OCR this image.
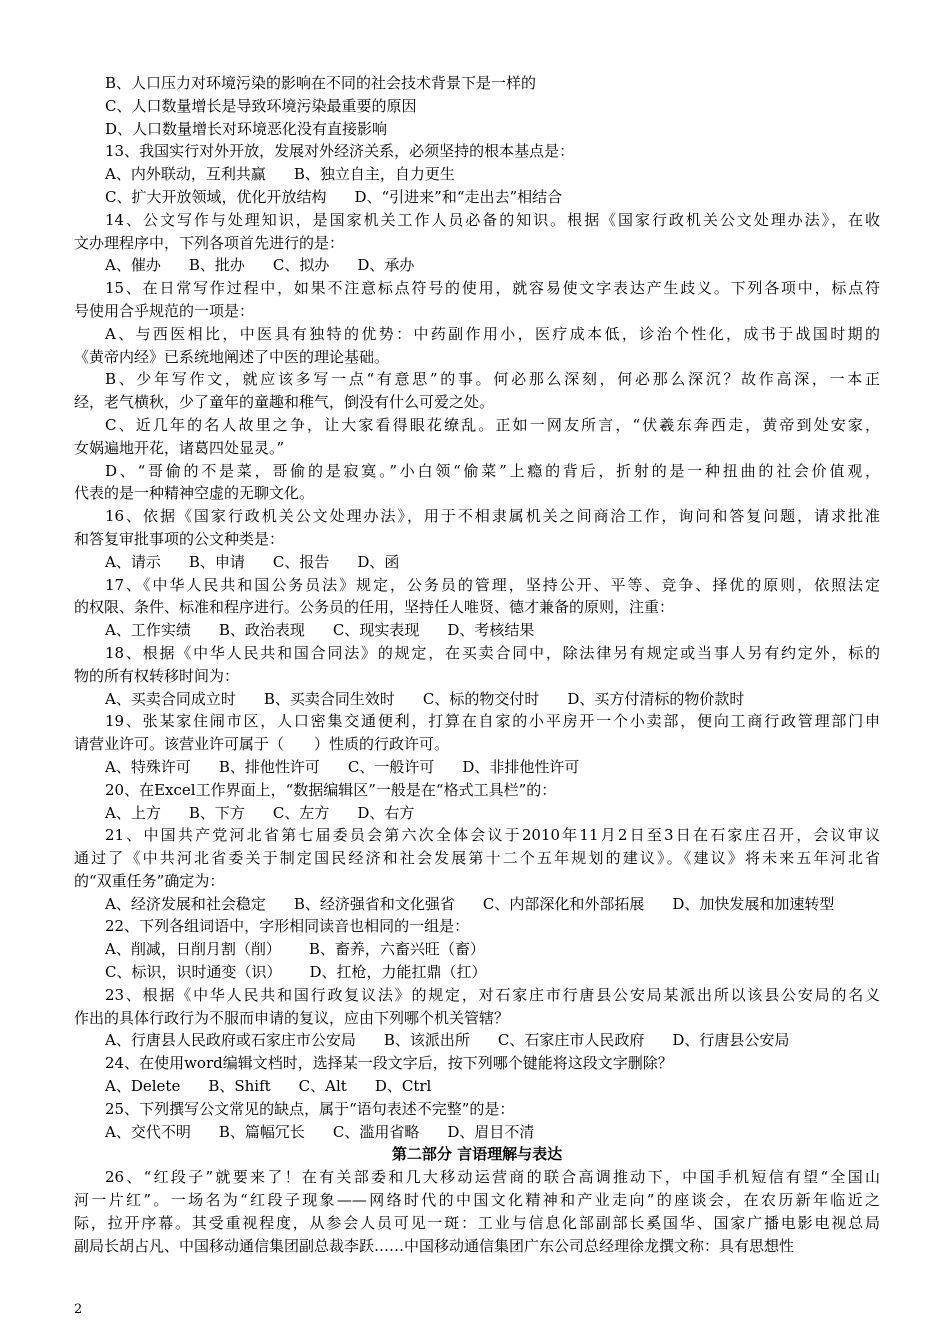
B、人口压力对环境污染的影响在不同的社会技术背景下是一样的
C、人口数量增长是导致环境污染最重要的原因
D、人口数量增长对环境恶化没有直接影响
13、我国实行对外开放，发展对外经济关系，必须坚持的根本基点是：
A、内外联动，互利共赢 B、独立自主，自力更生
C、扩大开放领域，优化开放结构 D、“引进来”和“走出去”相结合
14、公文写作与处理知识，是国家机关工作人员必备的知识。根据《国家行政机关公文处理办法》，在收
文办理程序中，下列各项首先进行的是：
A、催办 B、批办 C、拟办 D、承办
15、在日常写作过程中，如果不注意标点符号的使用，就容易使文字表达产生歧义。下列各项中，标点符
号使用合乎规范的一项是：
A、与西医相比，中医具有独特的优势：中药副作用小，医疗成本低，诊治个性化，成书于战国时期的
《黄帝内经》已系统地阐述了中医的理论基础。
B、少年写作文，就应该多写一点“有意思”的事。何必那么深刻，何必那么深沉？故作高深，一本正
经，老气横秋，少了童年的童趣和稚气，倒没有什么可爱之处。
C、近几年的名人故里之争，让大家看得眼花缭乱。正如一网友所言，“伏羲东奔西走，黄帝到处安家，
女娲遍地开花，诸葛四处显灵。”
D、“哥偷的不是菜，哥偷的是寂寞。”小白领“偷菜”上瘾的背后，折射的是一种扭曲的社会价值观，
代表的是一种精神空虚的无聊文化。
16、依据《国家行政机关公文处理办法》，用于不相隶属机关之间商洽工作，询问和答复问题，请求批准
和答复审批事项的公文种类是：
A、请示 B、申请 C、报告 D、函
17、《中华人民共和国公务员法》规定，公务员的管理，坚持公开、平等、竞争、择优的原则，依照法定
的权限、条件、标准和程序进行。公务员的任用，坚持任人唯贤、德才兼备的原则，注重：
A、工作实绩 B、政治表现 C、现实表现 D、考核结果
18、根据《中华人民共和国合同法》的规定，在买卖合同中，除法律另有规定或当事人另有约定外，标的
物的所有权转移时间为：
A、买卖合同成立时 B、买卖合同生效时 C、标的物交付时 D、买方付清标的物价款时
19、张某家住闹市区，人口密集交通便利，打算在自家的小平房开一个小卖部，便向工商行政管理部门申
请营业许可。该营业许可属于（　　）性质的行政许可。
A、特殊许可 B、排他性许可 C、一般许可 D、非排他性许可
20、在Excel工作界面上，“数据编辑区”一般是在“格式工具栏”的：
A、上方 B、下方 C、左方 D、右方
21、中国共产党河北省第七届委员会第六次全体会议于2010年11月2日至3日在石家庄召开，会议审议
通过了《中共河北省委关于制定国民经济和社会发展第十二个五年规划的建议》。《建议》将未来五年河北省
的“双重任务”确定为：
A、经济发展和社会稳定 B、经济强省和文化强省 C、内部深化和外部拓展 D、加快发展和加速转型
22、下列各组词语中，字形相同读音也相同的一组是：
A、削减，日削月割（削） B、畜养，六畜兴旺（畜）
C、标识，识时通变（识） D、扛枪，力能扛鼎（扛）
23、根据《中华人民共和国行政复议法》的规定，对石家庄市行唐县公安局某派出所以该县公安局的名义
作出的具体行政行为不服而申请的复议，应由下列哪个机关管辖？
A、行唐县人民政府或石家庄市公安局 B、该派出所 C、石家庄市人民政府 D、行唐县公安局
24、在使用word编辑文档时，选择某一段文字后，按下列哪个键能将这段文字删除？
A、Delete B、Shift C、Alt D、Ctrl
25、下列撰写公文常见的缺点，属于“语句表述不完整”的是：
A、交代不明 B、篇幅冗长 C、滥用省略 D、眉目不清
第二部分 言语理解与表达
26、“红段子”就要来了！在有关部委和几大移动运营商的联合高调推动下，中国手机短信有望“全国山
河一片红”。一场名为“红段子现象——网络时代的中国文化精神和产业走向”的座谈会，在农历新年临近之
际，拉开序幕。其受重视程度，从参会人员可见一斑：工业与信息化部副部长奚国华、国家广播电影电视总局
副局长胡占凡、中国移动通信集团副总裁李跃……中国移动通信集团广东公司总经理徐龙撰文称：具有思想性
2
